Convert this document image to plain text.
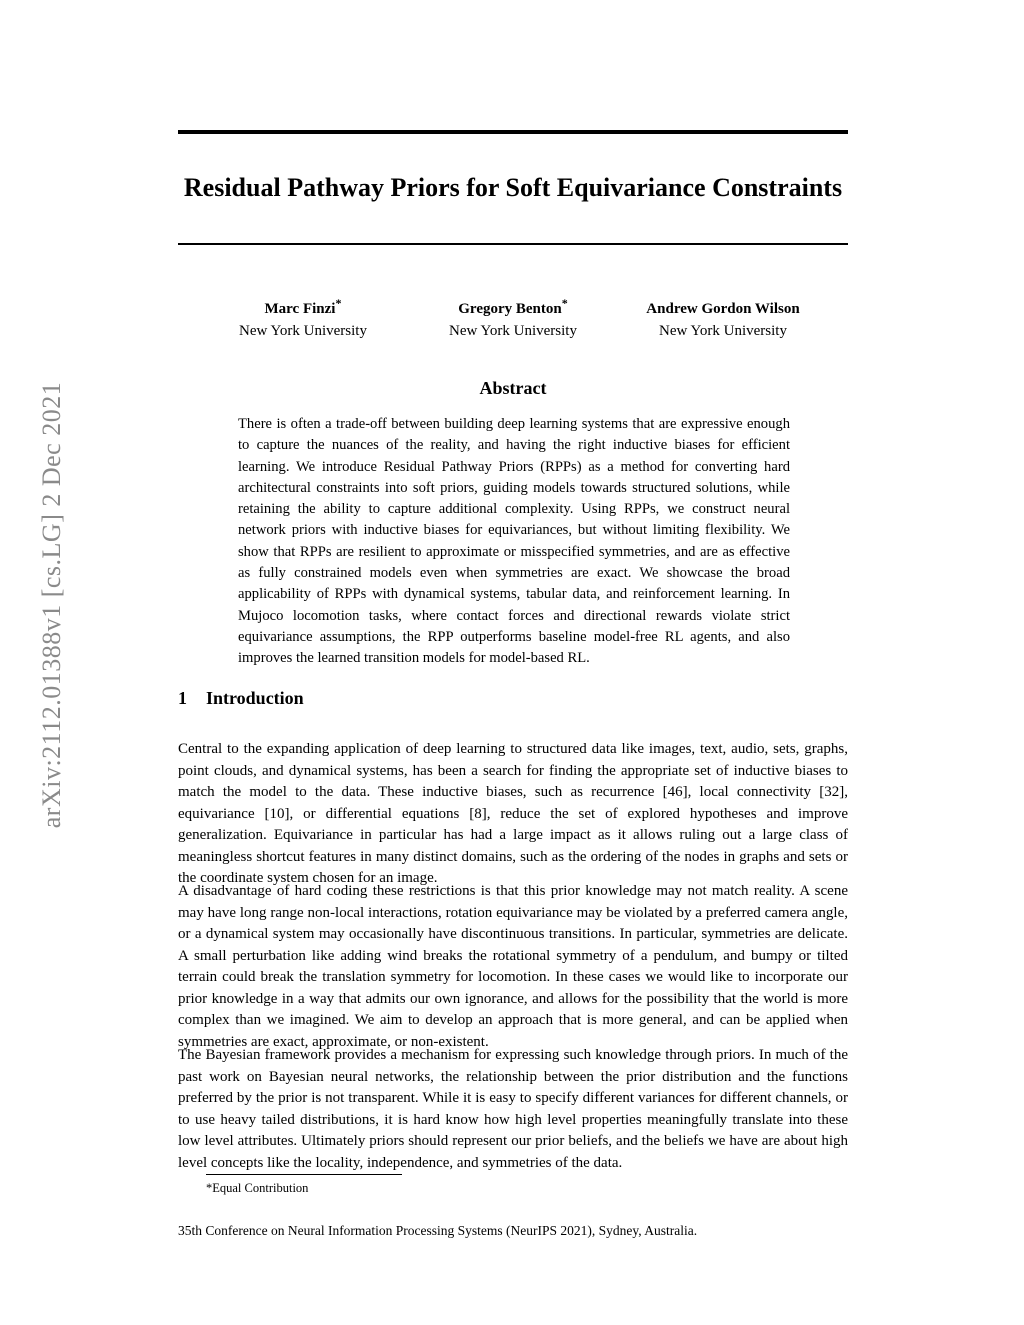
arXiv:2112.01388v1 [cs.LG] 2 Dec 2021
Residual Pathway Priors for Soft Equivariance Constraints
Marc Finzi*
New York University
Gregory Benton*
New York University
Andrew Gordon Wilson
New York University
Abstract
There is often a trade-off between building deep learning systems that are expressive enough to capture the nuances of the reality, and having the right inductive biases for efficient learning. We introduce Residual Pathway Priors (RPPs) as a method for converting hard architectural constraints into soft priors, guiding models towards structured solutions, while retaining the ability to capture additional complexity. Using RPPs, we construct neural network priors with inductive biases for equivariances, but without limiting flexibility. We show that RPPs are resilient to approximate or misspecified symmetries, and are as effective as fully constrained models even when symmetries are exact. We showcase the broad applicability of RPPs with dynamical systems, tabular data, and reinforcement learning. In Mujoco locomotion tasks, where contact forces and directional rewards violate strict equivariance assumptions, the RPP outperforms baseline model-free RL agents, and also improves the learned transition models for model-based RL.
1 Introduction

Central to the expanding application of deep learning to structured data like images, text, audio, sets, graphs, point clouds, and dynamical systems, has been a search for finding the appropriate set of inductive biases to match the model to the data. These inductive biases, such as recurrence [46], local connectivity [32], equivariance [10], or differential equations [8], reduce the set of explored hypotheses and improve generalization. Equivariance in particular has had a large impact as it allows ruling out a large class of meaningless shortcut features in many distinct domains, such as the ordering of the nodes in graphs and sets or the coordinate system chosen for an image.

A disadvantage of hard coding these restrictions is that this prior knowledge may not match reality. A scene may have long range non-local interactions, rotation equivariance may be violated by a preferred camera angle, or a dynamical system may occasionally have discontinuous transitions. In particular, symmetries are delicate. A small perturbation like adding wind breaks the rotational symmetry of a pendulum, and bumpy or tilted terrain could break the translation symmetry for locomotion. In these cases we would like to incorporate our prior knowledge in a way that admits our own ignorance, and allows for the possibility that the world is more complex than we imagined. We aim to develop an approach that is more general, and can be applied when symmetries are exact, approximate, or non-existent.

The Bayesian framework provides a mechanism for expressing such knowledge through priors. In much of the past work on Bayesian neural networks, the relationship between the prior distribution and the functions preferred by the prior is not transparent. While it is easy to specify different variances for different channels, or to use heavy tailed distributions, it is hard know how high level properties meaningfully translate into these low level attributes. Ultimately priors should represent our prior beliefs, and the beliefs we have are about high level concepts like the locality, independence, and symmetries of the data.

*Equal Contribution
35th Conference on Neural Information Processing Systems (NeurIPS 2021), Sydney, Australia.
